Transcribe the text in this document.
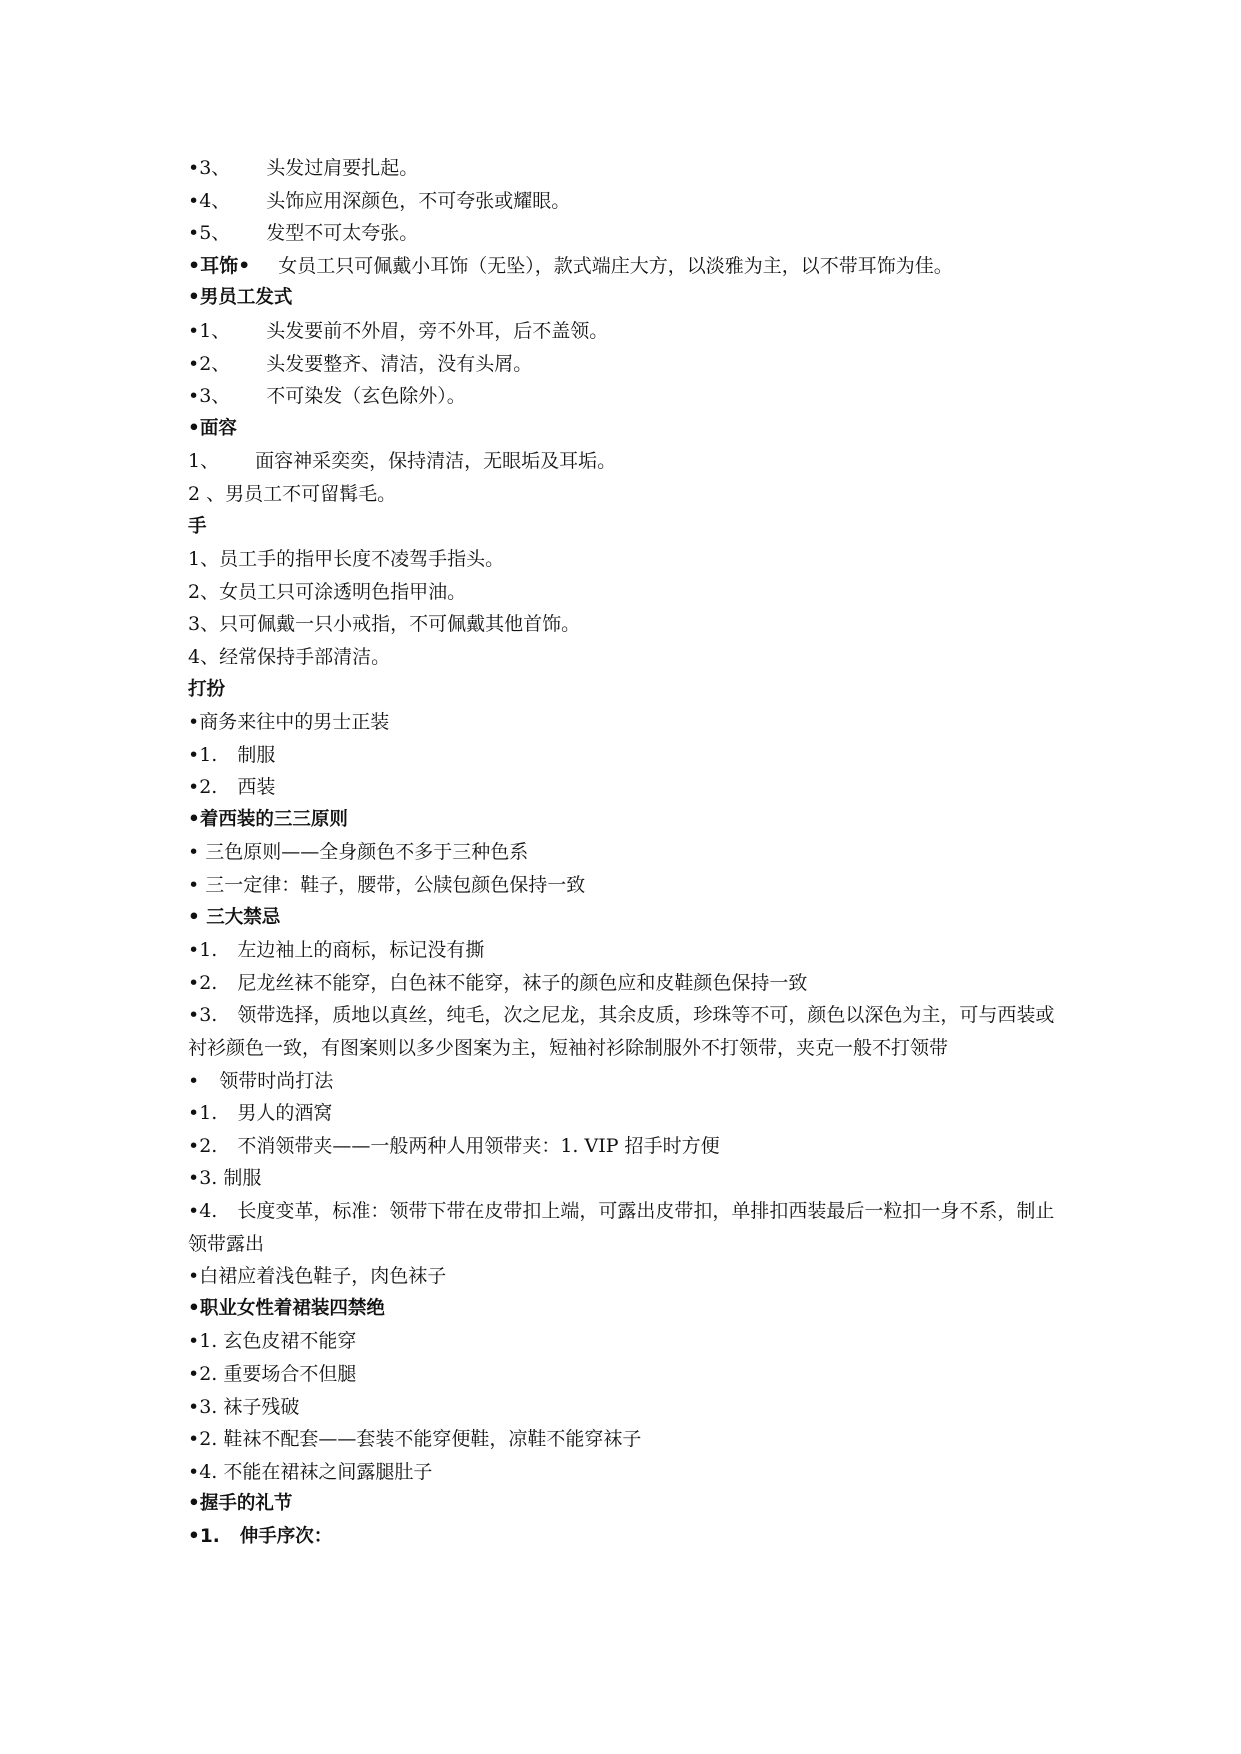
•3、 头发过肩要扎起。
•4、 头饰应用深颜色，不可夸张或耀眼。
•5、 发型不可太夸张。
•耳饰• 女员工只可佩戴小耳饰（无坠），款式端庄大方，以淡雅为主，以不带耳饰为佳。
•男员工发式
•1、 头发要前不外眉，旁不外耳，后不盖领。
•2、 头发要整齐、清洁，没有头屑。
•3、 不可染发（玄色除外）。
•面容
1、 面容神采奕奕，保持清洁，无眼垢及耳垢。
2 、男员工不可留髯毛。
手
1、员工手的指甲长度不凌驾手指头。
2、女员工只可涂透明色指甲油。
3、只可佩戴一只小戒指，不可佩戴其他首饰。
4、经常保持手部清洁。
打扮
•商务来往中的男士正装
•1. 制服
•2. 西装
•着西装的三三原则
• 三色原则——全身颜色不多于三种色系
• 三一定律：鞋子，腰带，公牍包颜色保持一致
• 三大禁忌
•1. 左边袖上的商标，标记没有撕
•2. 尼龙丝袜不能穿，白色袜不能穿，袜子的颜色应和皮鞋颜色保持一致
•3. 领带选择，质地以真丝，纯毛，次之尼龙，其余皮质，珍珠等不可，颜色以深色为主，可与西装或衬衫颜色一致，有图案则以多少图案为主，短袖衬衫除制服外不打领带，夹克一般不打领带
• 领带时尚打法
•1. 男人的酒窝
•2. 不消领带夹——一般两种人用领带夹：1. VIP 招手时方便
•3. 制服
•4. 长度变革，标准：领带下带在皮带扣上端，可露出皮带扣，单排扣西装最后一粒扣一身不系，制止领带露出
•白裙应着浅色鞋子，肉色袜子
•职业女性着裙装四禁绝
•1. 玄色皮裙不能穿
•2. 重要场合不但腿
•3. 袜子残破
•2. 鞋袜不配套——套装不能穿便鞋，凉鞋不能穿袜子
•4. 不能在裙袜之间露腿肚子
•握手的礼节
•1. 伸手序次：
